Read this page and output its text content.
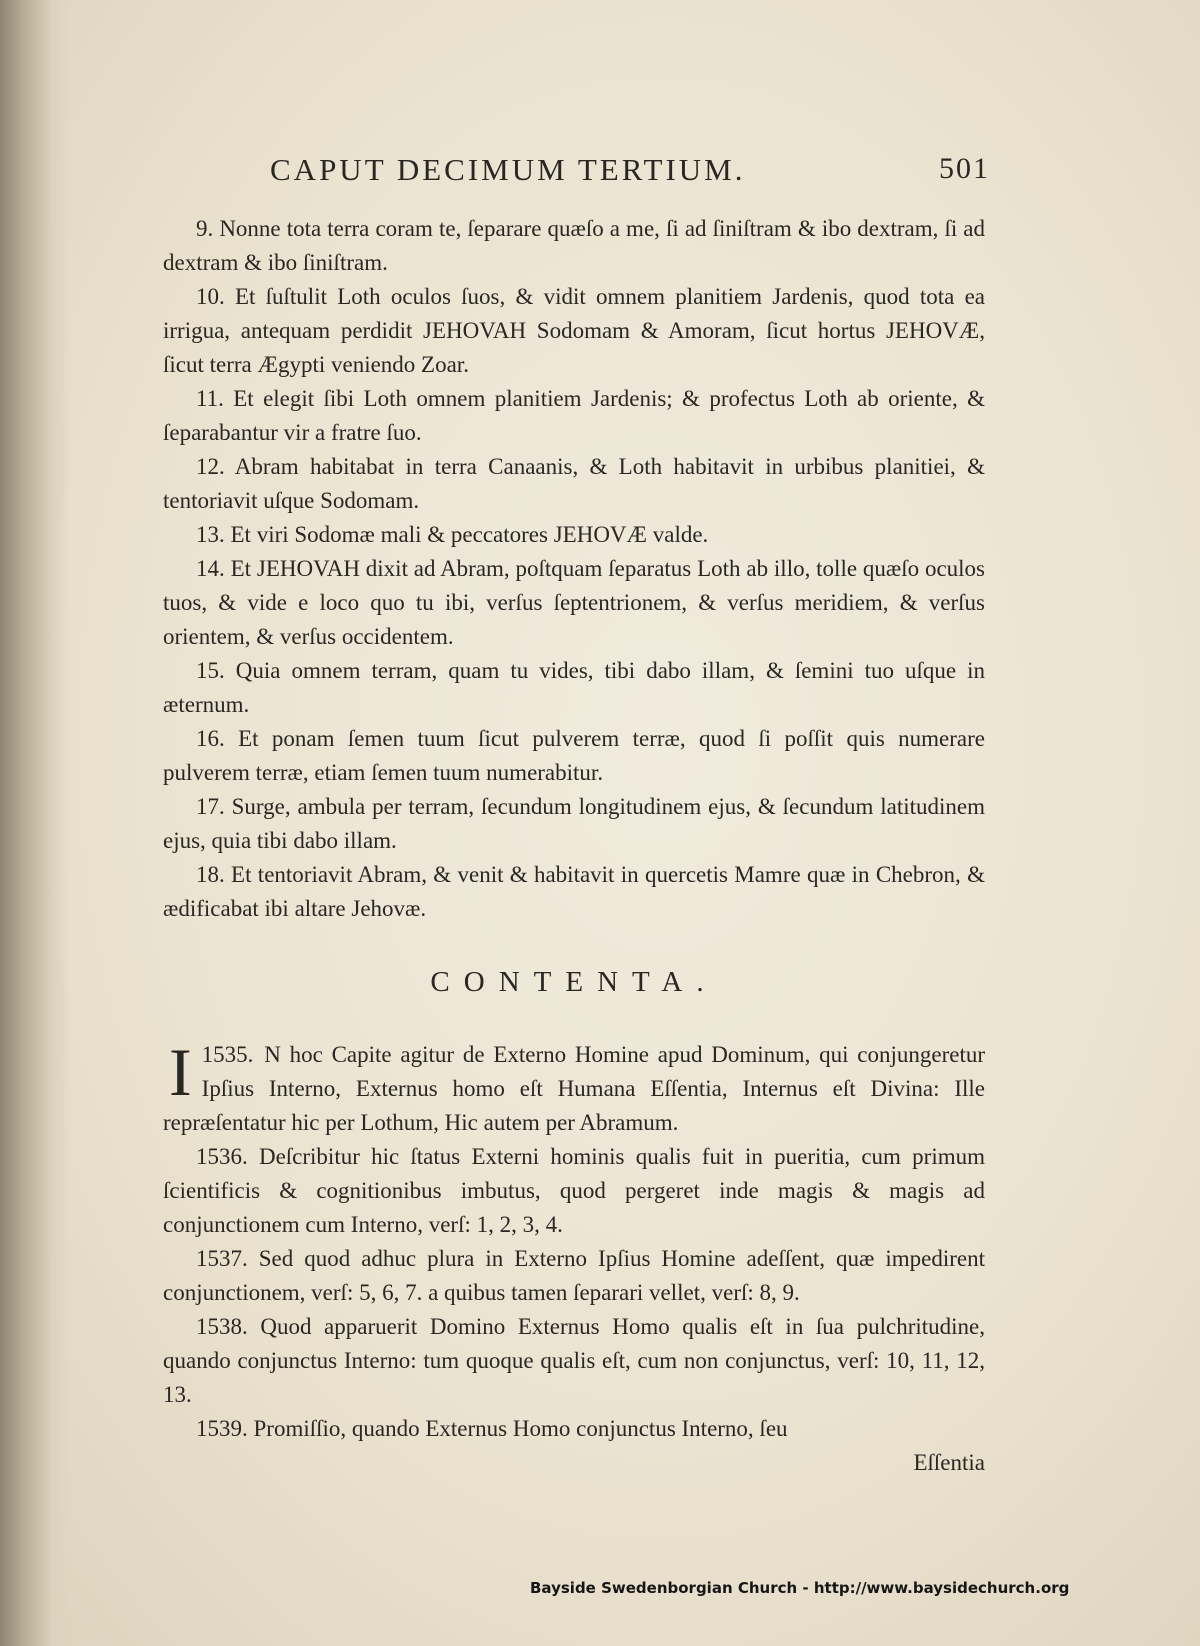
CAPUT DECIMUM TERTIUM.	501

9. Nonne tota terra coram te, ſeparare quæſo a me, ſi ad ſiniſtram & ibo dextram, ſi ad dextram & ibo ſiniſtram.

10. Et ſuſtulit Loth oculos ſuos, & vidit omnem planitiem Jardenis, quod tota ea irrigua, antequam perdidit JEHOVAH Sodomam & Amoram, ſicut hortus JEHOVÆ, ſicut terra Ægypti veniendo Zoar.

11. Et elegit ſibi Loth omnem planitiem Jardenis; & profectus Loth ab oriente, & ſeparabantur vir a fratre ſuo.

12. Abram habitabat in terra Canaanis, & Loth habitavit in urbibus planitiei, & tentoriavit uſque Sodomam.

13. Et viri Sodomæ mali & peccatores JEHOVÆ valde.

14. Et JEHOVAH dixit ad Abram, poſtquam ſeparatus Loth ab illo, tolle quæſo oculos tuos, & vide e loco quo tu ibi, verſus ſeptentrionem, & verſus meridiem, & verſus orientem, & verſus occidentem.

15. Quia omnem terram, quam tu vides, tibi dabo illam, & ſemini tuo uſque in æternum.

16. Et ponam ſemen tuum ſicut pulverem terræ, quod ſi poſſit quis numerare pulverem terræ, etiam ſemen tuum numerabitur.

17. Surge, ambula per terram, ſecundum longitudinem ejus, & ſecundum latitudinem ejus, quia tibi dabo illam.

18. Et tentoriavit Abram, & venit & habitavit in quercetis Mamre quæ in Chebron, & ædificabat ibi altare Jehovæ.

CONTENTA.

1535.
I	N hoc Capite agitur de Externo Homine apud Dominum, qui conjungeretur Ipſius Interno, Externus homo eſt Humana Eſſentia, Internus eſt Divina: Ille repræſentatur hic per Lothum, Hic autem per Abramum.

1536. Deſcribitur hic ſtatus Externi hominis qualis fuit in pueritia, cum primum ſcientificis & cognitionibus imbutus, quod pergeret inde magis & magis ad conjunctionem cum Interno, verſ: 1, 2, 3, 4.

1537. Sed quod adhuc plura in Externo Ipſius Homine adeſſent, quæ impedirent conjunctionem, verſ: 5, 6, 7. a quibus tamen ſeparari vellet, verſ: 8, 9.

1538. Quod apparuerit Domino Externus Homo qualis eſt in ſua pulchritudine, quando conjunctus Interno: tum quoque qualis eſt, cum non conjunctus, verſ: 10, 11, 12, 13.

1539. Promiſſio, quando Externus Homo conjunctus Interno, ſeu

Eſſentia

Bayside Swedenborgian Church - http://www.baysidechurch.org
